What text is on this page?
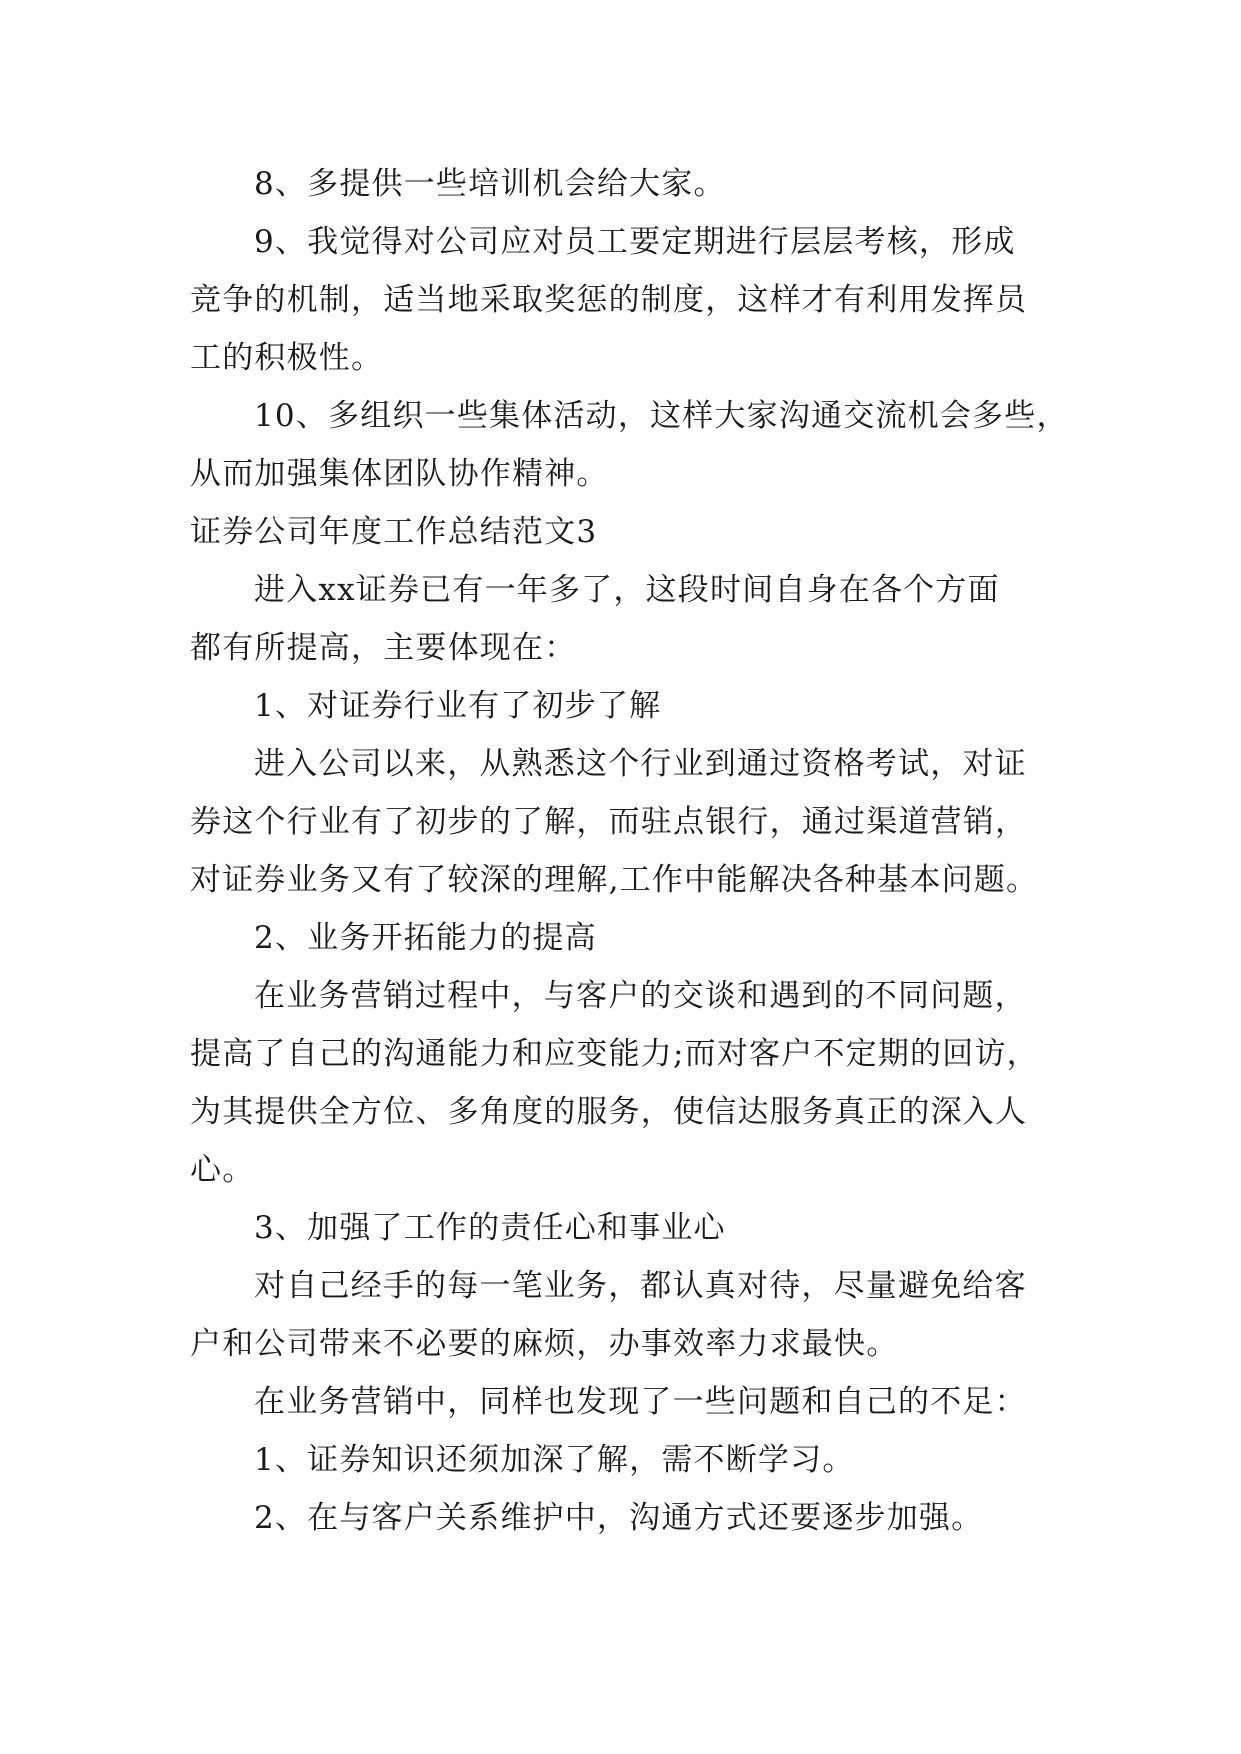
8、多提供一些培训机会给大家。
9、我觉得对公司应对员工要定期进行层层考核，形成
竞争的机制，适当地采取奖惩的制度，这样才有利用发挥员
工的积极性。
10、多组织一些集体活动，这样大家沟通交流机会多些，
从而加强集体团队协作精神。
证券公司年度工作总结范文3
进入xx证券已有一年多了，这段时间自身在各个方面
都有所提高，主要体现在：
1、对证券行业有了初步了解
进入公司以来，从熟悉这个行业到通过资格考试，对证
券这个行业有了初步的了解，而驻点银行，通过渠道营销，
对证券业务又有了较深的理解,工作中能解决各种基本问题。
2、业务开拓能力的提高
在业务营销过程中，与客户的交谈和遇到的不同问题，
提高了自己的沟通能力和应变能力;而对客户不定期的回访，
为其提供全方位、多角度的服务，使信达服务真正的深入人
心。
3、加强了工作的责任心和事业心
对自己经手的每一笔业务，都认真对待，尽量避免给客
户和公司带来不必要的麻烦，办事效率力求最快。
在业务营销中，同样也发现了一些问题和自己的不足：
1、证券知识还须加深了解，需不断学习。
2、在与客户关系维护中，沟通方式还要逐步加强。
